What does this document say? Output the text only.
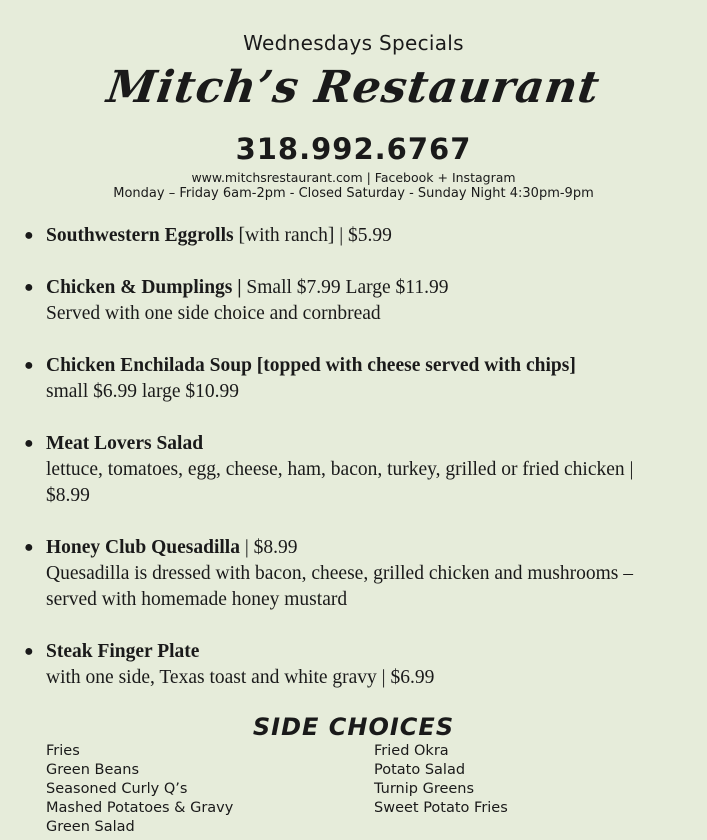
Wednesdays Specials
Mitch’s Restaurant
318.992.6767
www.mitchsrestaurant.com | Facebook + Instagram
Monday – Friday 6am-2pm - Closed Saturday - Sunday Night 4:30pm-9pm
● Southwestern Eggrolls [with ranch] | $5.99
● Chicken & Dumplings | Small $7.99 Large $11.99
Served with one side choice and cornbread
● Chicken Enchilada Soup [topped with cheese served with chips]
small $6.99 large $10.99
● Meat Lovers Salad
lettuce, tomatoes, egg, cheese, ham, bacon, turkey, grilled or fried chicken | $8.99
● Honey Club Quesadilla | $8.99
Quesadilla is dressed with bacon, cheese, grilled chicken and mushrooms – served with homemade honey mustard
● Steak Finger Plate
with one side, Texas toast and white gravy | $6.99
SIDE CHOICES
Fries
Green Beans
Seasoned Curly Q’s
Mashed Potatoes & Gravy
Green Salad
Fried Okra
Potato Salad
Turnip Greens
Sweet Potato Fries
